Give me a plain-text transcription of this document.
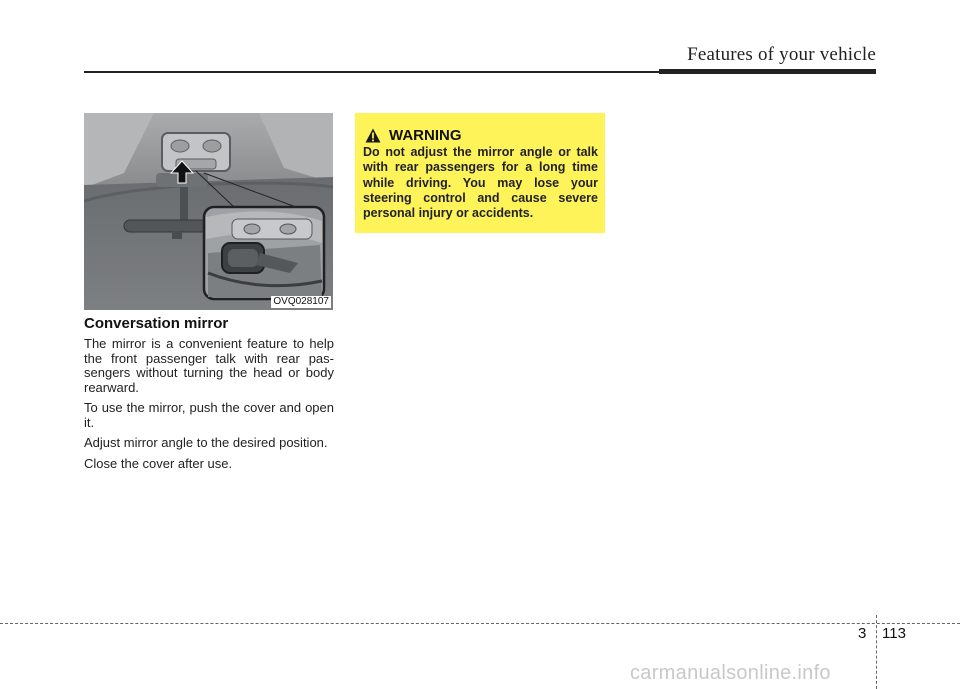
Features of your vehicle
OVQ028107
Conversation mirror

The mirror is a convenient feature to help the front passenger talk with rear passengers without turning the head or body rearward.

To use the mirror, push the cover and open it.

Adjust mirror angle to the desired position.

Close the cover after use.

WARNING
Do not adjust the mirror angle or talk with rear passengers for a long time while driving. You may lose your steering control and cause severe personal injury or accidents.
3 113
carmanualsonline.info
